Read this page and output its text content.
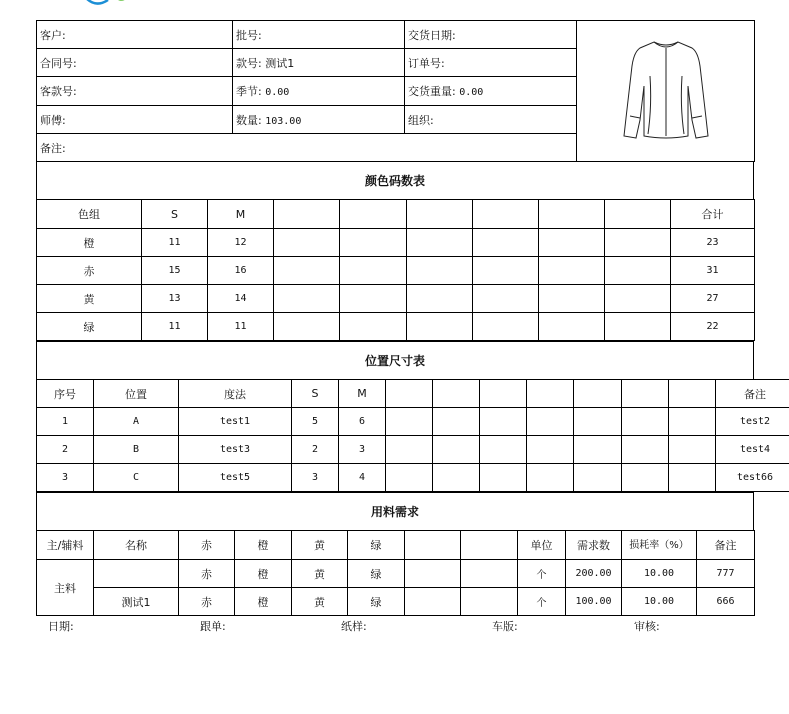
客户:	批号:	交货日期:	
合同号:	款号: 测试1	订单号:	
客款号:	季节: 0.00	交货重量: 0.00	
师傅:	数量: 103.00	组织:	
备注:			
颜色码数表
色组	S	M							合计
橙	11	12							23
赤	15	16							31
黄	13	14							27
绿	11	11							22
位置尺寸表
序号	位置	度法	S	M								备注
1	A	test1	5	6								test2
2	B	test3	2	3								test4
3	C	test5	3	4								test66
用料需求
主/辅料	名称	赤	橙	黄	绿			单位	需求数	损耗率（%）	备注
主料		赤	橙	黄	绿			个	200.00	10.00	777
	测试1	赤	橙	黄	绿			个	100.00	10.00	666
日期:	跟单:	纸样:	车版:	审核:
